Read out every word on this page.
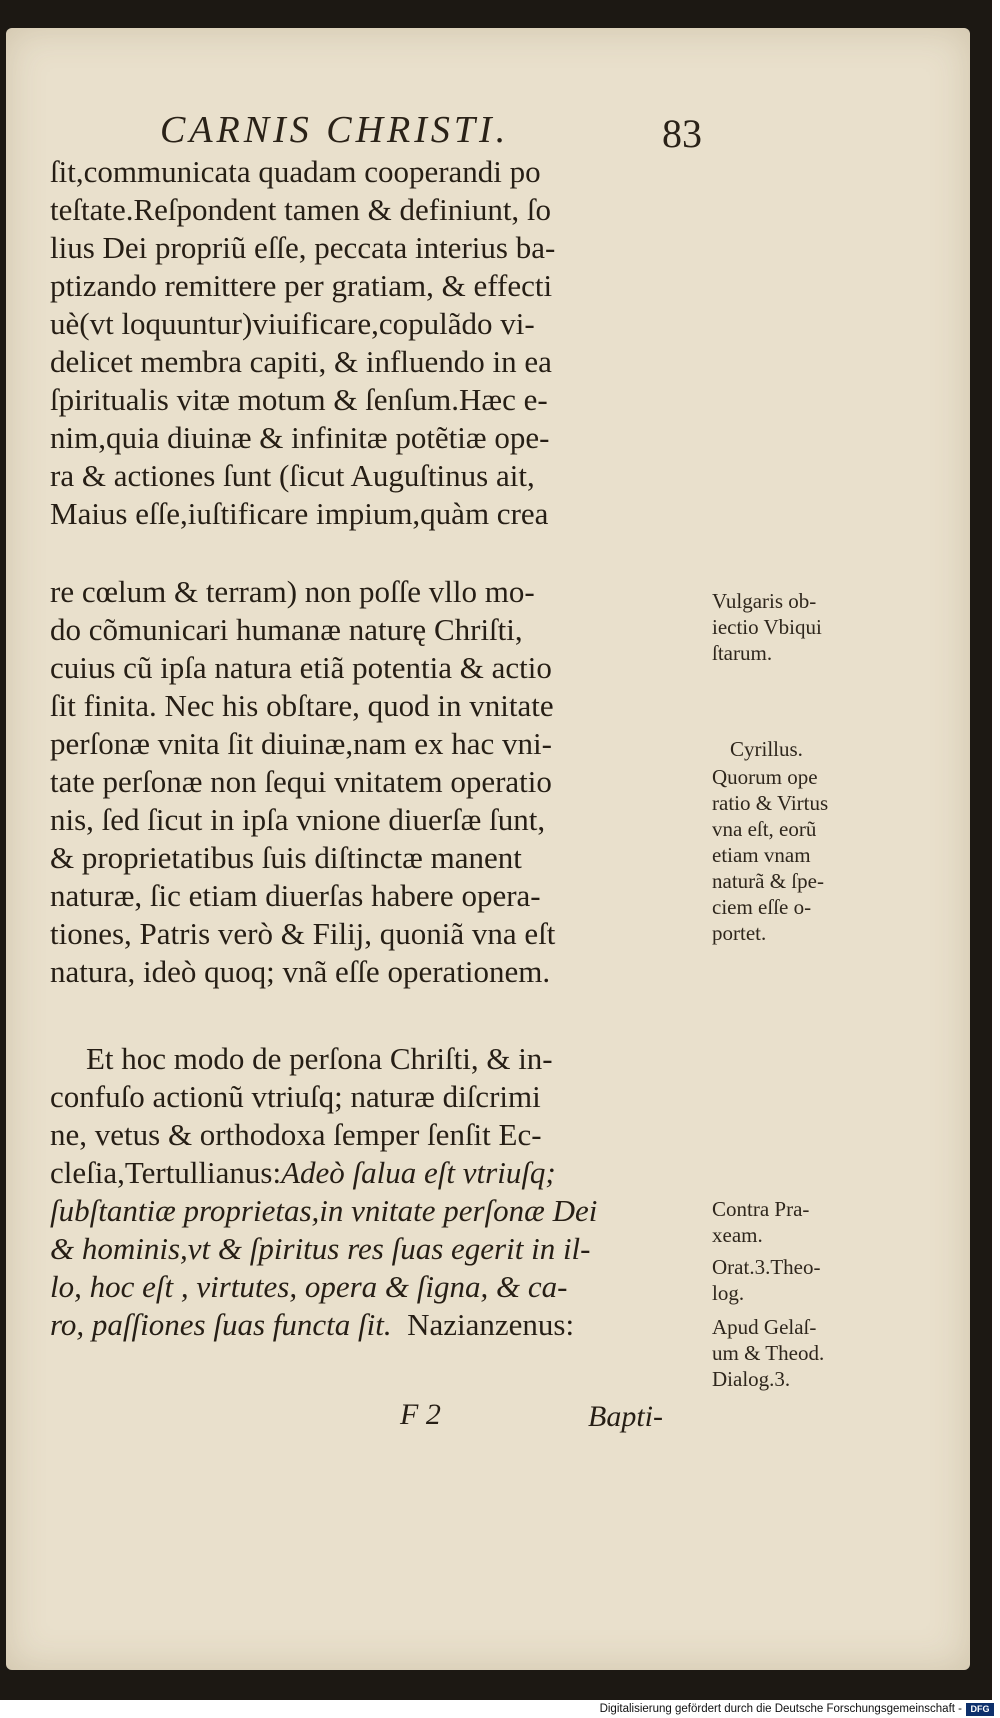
CARNIS CHRISTI.	83
ſit,communicata quadam cooperandi po
teſtate.Reſpondent tamen & definiunt, ſo
lius Dei propriũ eſſe, peccata interius ba-
ptizando remittere per gratiam, & effecti
uè(vt loquuntur)viuificare,copulãdo vi-
delicet membra capiti, & influendo in ea
ſpiritualis vitæ motum & ſenſum.Hæc e-
nim,quia diuinæ & infinitæ potẽtiæ ope-
ra & actiones ſunt (ſicut Auguſtinus ait,
Maius eſſe,iuſtificare impium,quàm crea
re cœlum & terram) non poſſe vllo mo-
do cõmunicari humanæ naturę Chriſti,
cuius cũ ipſa natura etiã potentia & actio
ſit finita. Nec his obſtare, quod in vnitate
perſonæ vnita ſit diuinæ,nam ex hac vni-
tate perſonæ non ſequi vnitatem operatio
nis, ſed ſicut in ipſa vnione diuerſæ ſunt,
& proprietatibus ſuis diſtinctæ manent
naturæ, ſic etiam diuerſas habere opera-
tiones, Patris verò & Filij, quoniã vna eſt
natura, ideò quoq; vnã eſſe operationem.
Et hoc modo de perſona Chriſti, & in-
confuſo actionũ vtriuſq; naturæ diſcrimi
ne, vetus & orthodoxa ſemper ſenſit Ec-
cleſia,Tertullianus:Adeò ſalua eſt vtriuſq;
ſubſtantiæ proprietas,in vnitate perſonæ Dei
& hominis,vt & ſpiritus res ſuas egerit in il-
lo, hoc eſt , virtutes, opera & ſigna, & ca-
ro, paſſiones ſuas functa ſit. Nazianzenus:
Vulgaris ob-
iectio Vbiqui
ſtarum.
Cyrillus.
Quorum ope
ratio & Virtus
vna eſt, eorũ
etiam vnam
naturã & ſpe-
ciem eſſe o-
portet.
Contra Pra-
xeam.
Orat.3.Theo-
log.
Apud Gelaſ-
um & Theod.
Dialog.3.
F 2	Bapti-
Digitalisierung gefördert durch die Deutsche Forschungsgemeinschaft - DFG
